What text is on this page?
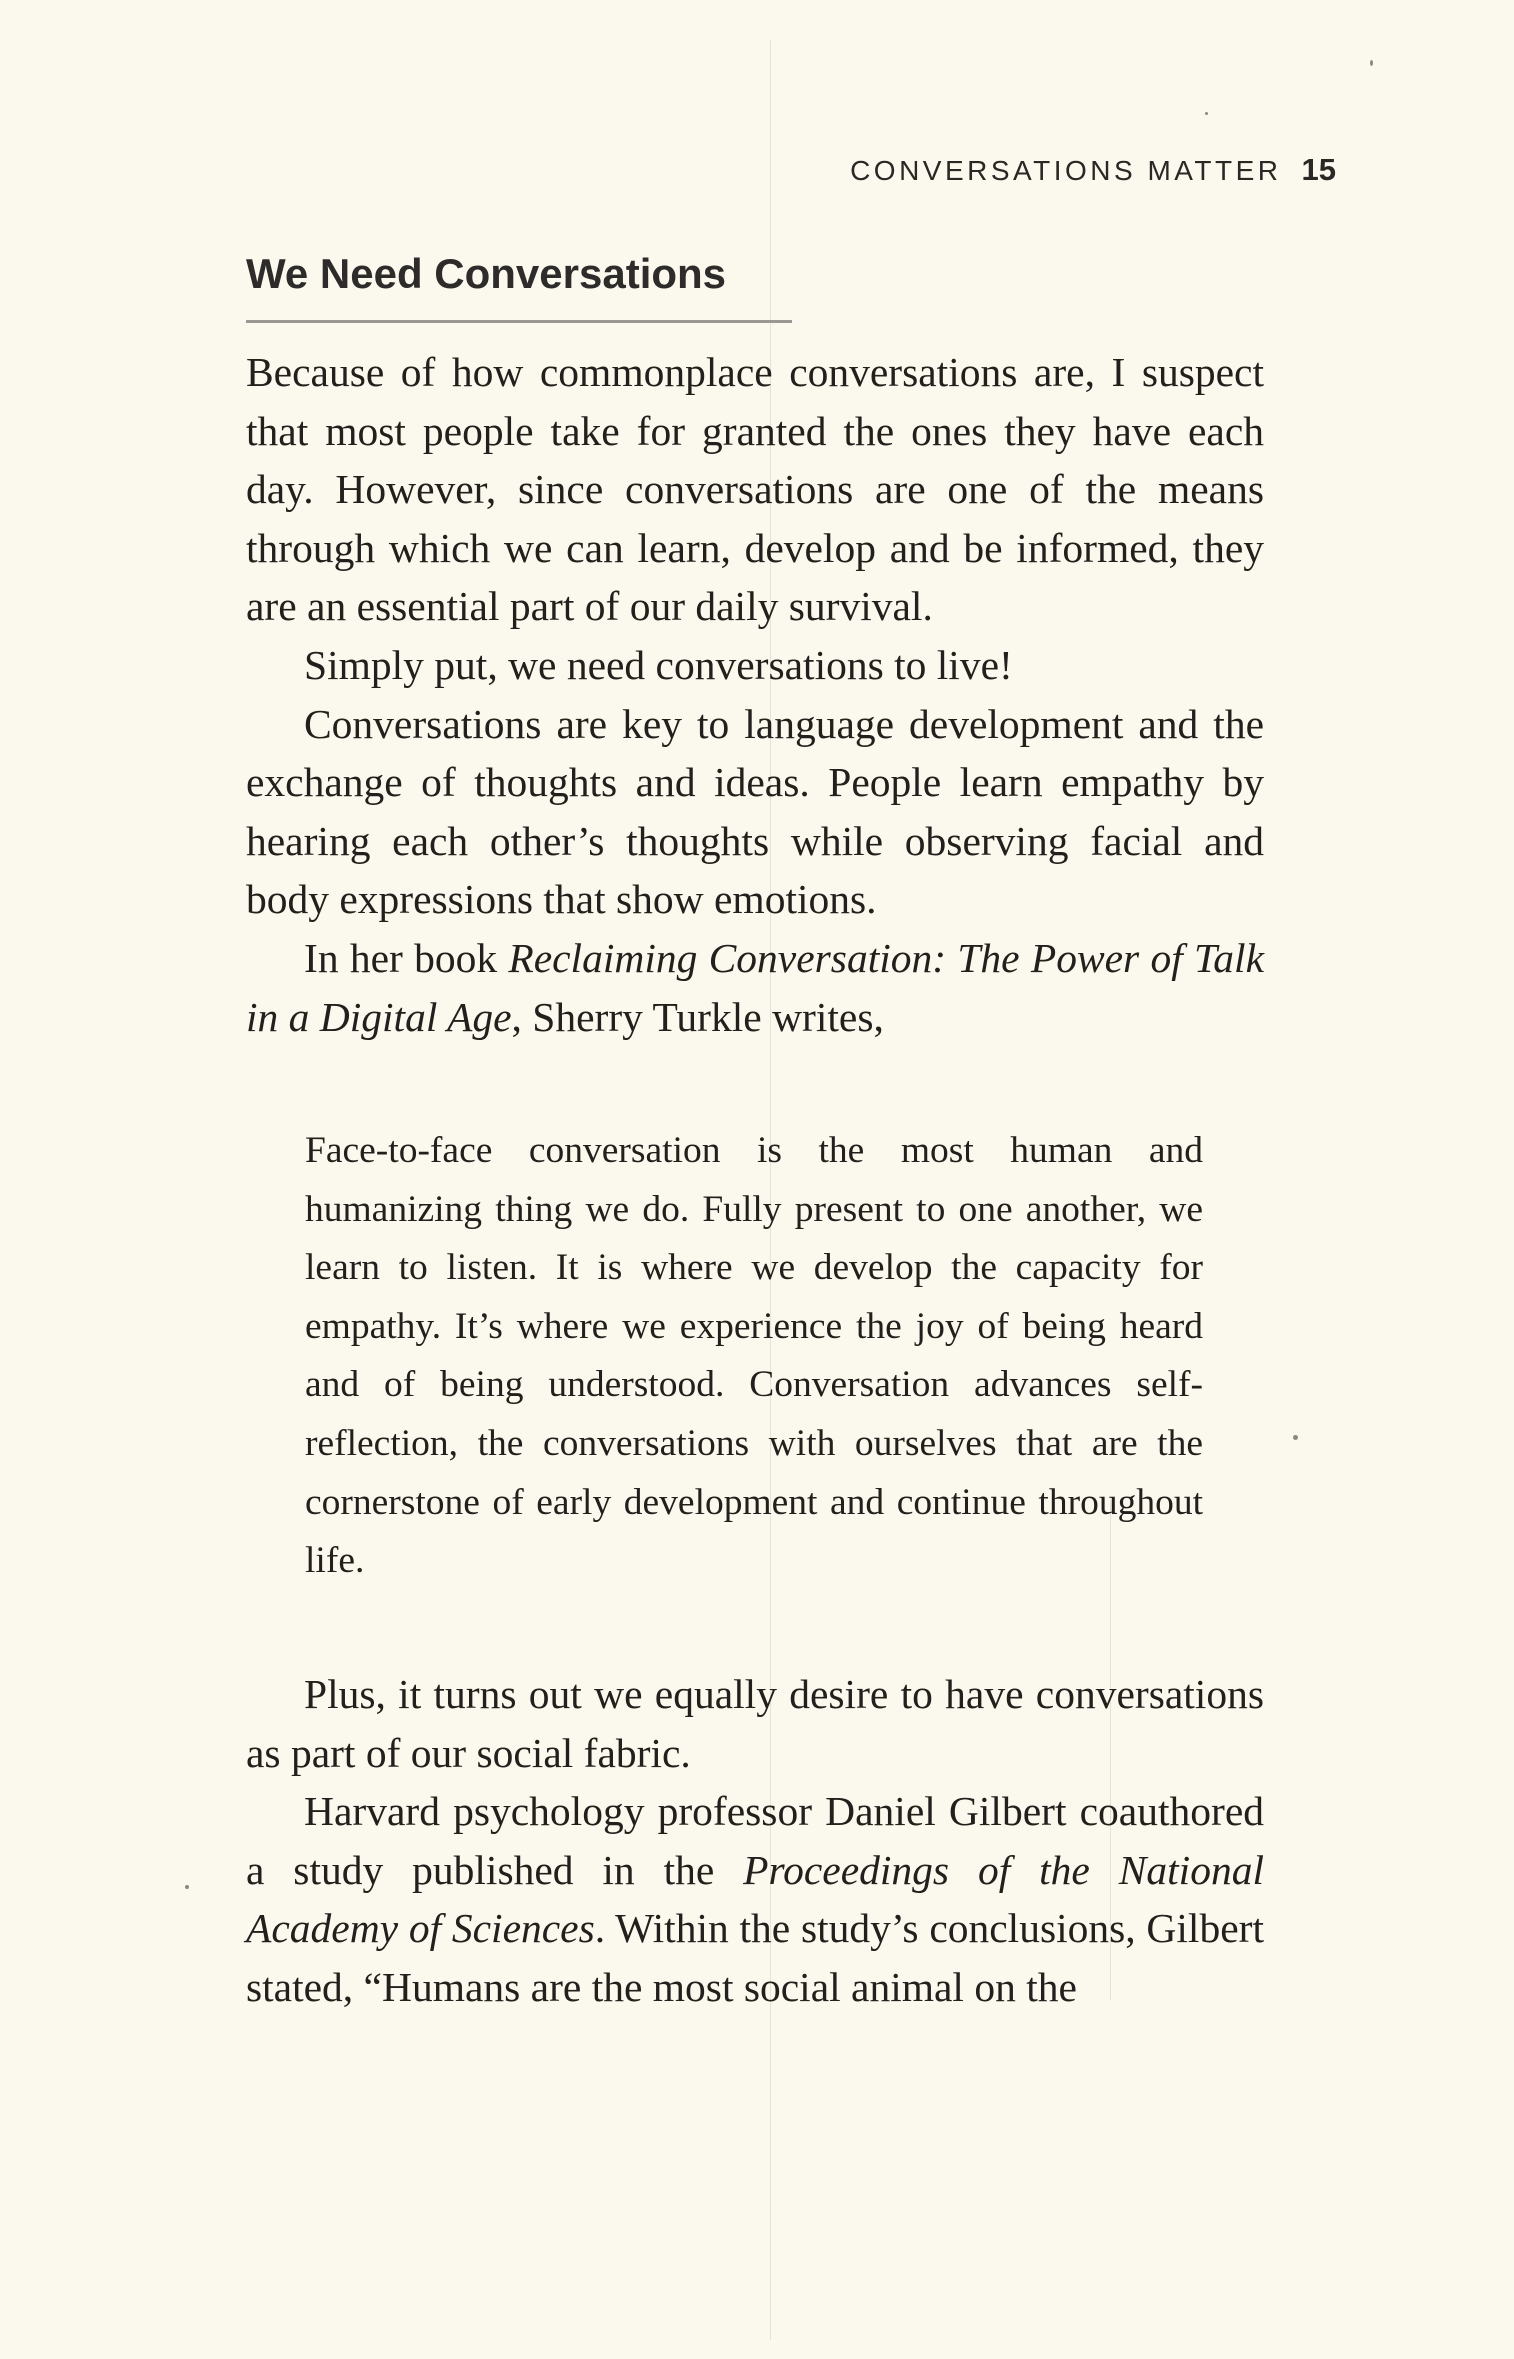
CONVERSATIONS MATTER 15
We Need Conversations

Because of how commonplace conversations are, I suspect that most people take for granted the ones they have each day. However, since conversations are one of the means through which we can learn, develop and be informed, they are an essential part of our daily survival.

Simply put, we need conversations to live!

Conversations are key to language development and the exchange of thoughts and ideas. People learn empathy by hearing each other’s thoughts while observing facial and body expressions that show emotions.

In her book Reclaiming Conversation: The Power of Talk in a Digital Age, Sherry Turkle writes,

Face-to-face conversation is the most human and humanizing thing we do. Fully present to one another, we learn to listen. It is where we develop the capacity for empathy. It’s where we experience the joy of being heard and of being understood. Conversation advances self-reflection, the conversations with ourselves that are the cornerstone of early development and continue throughout life.

Plus, it turns out we equally desire to have conversations as part of our social fabric.

Harvard psychology professor Daniel Gilbert coauthored a study published in the Proceedings of the National Academy of Sciences. Within the study’s conclusions, Gilbert stated, “Humans are the most social animal on the
